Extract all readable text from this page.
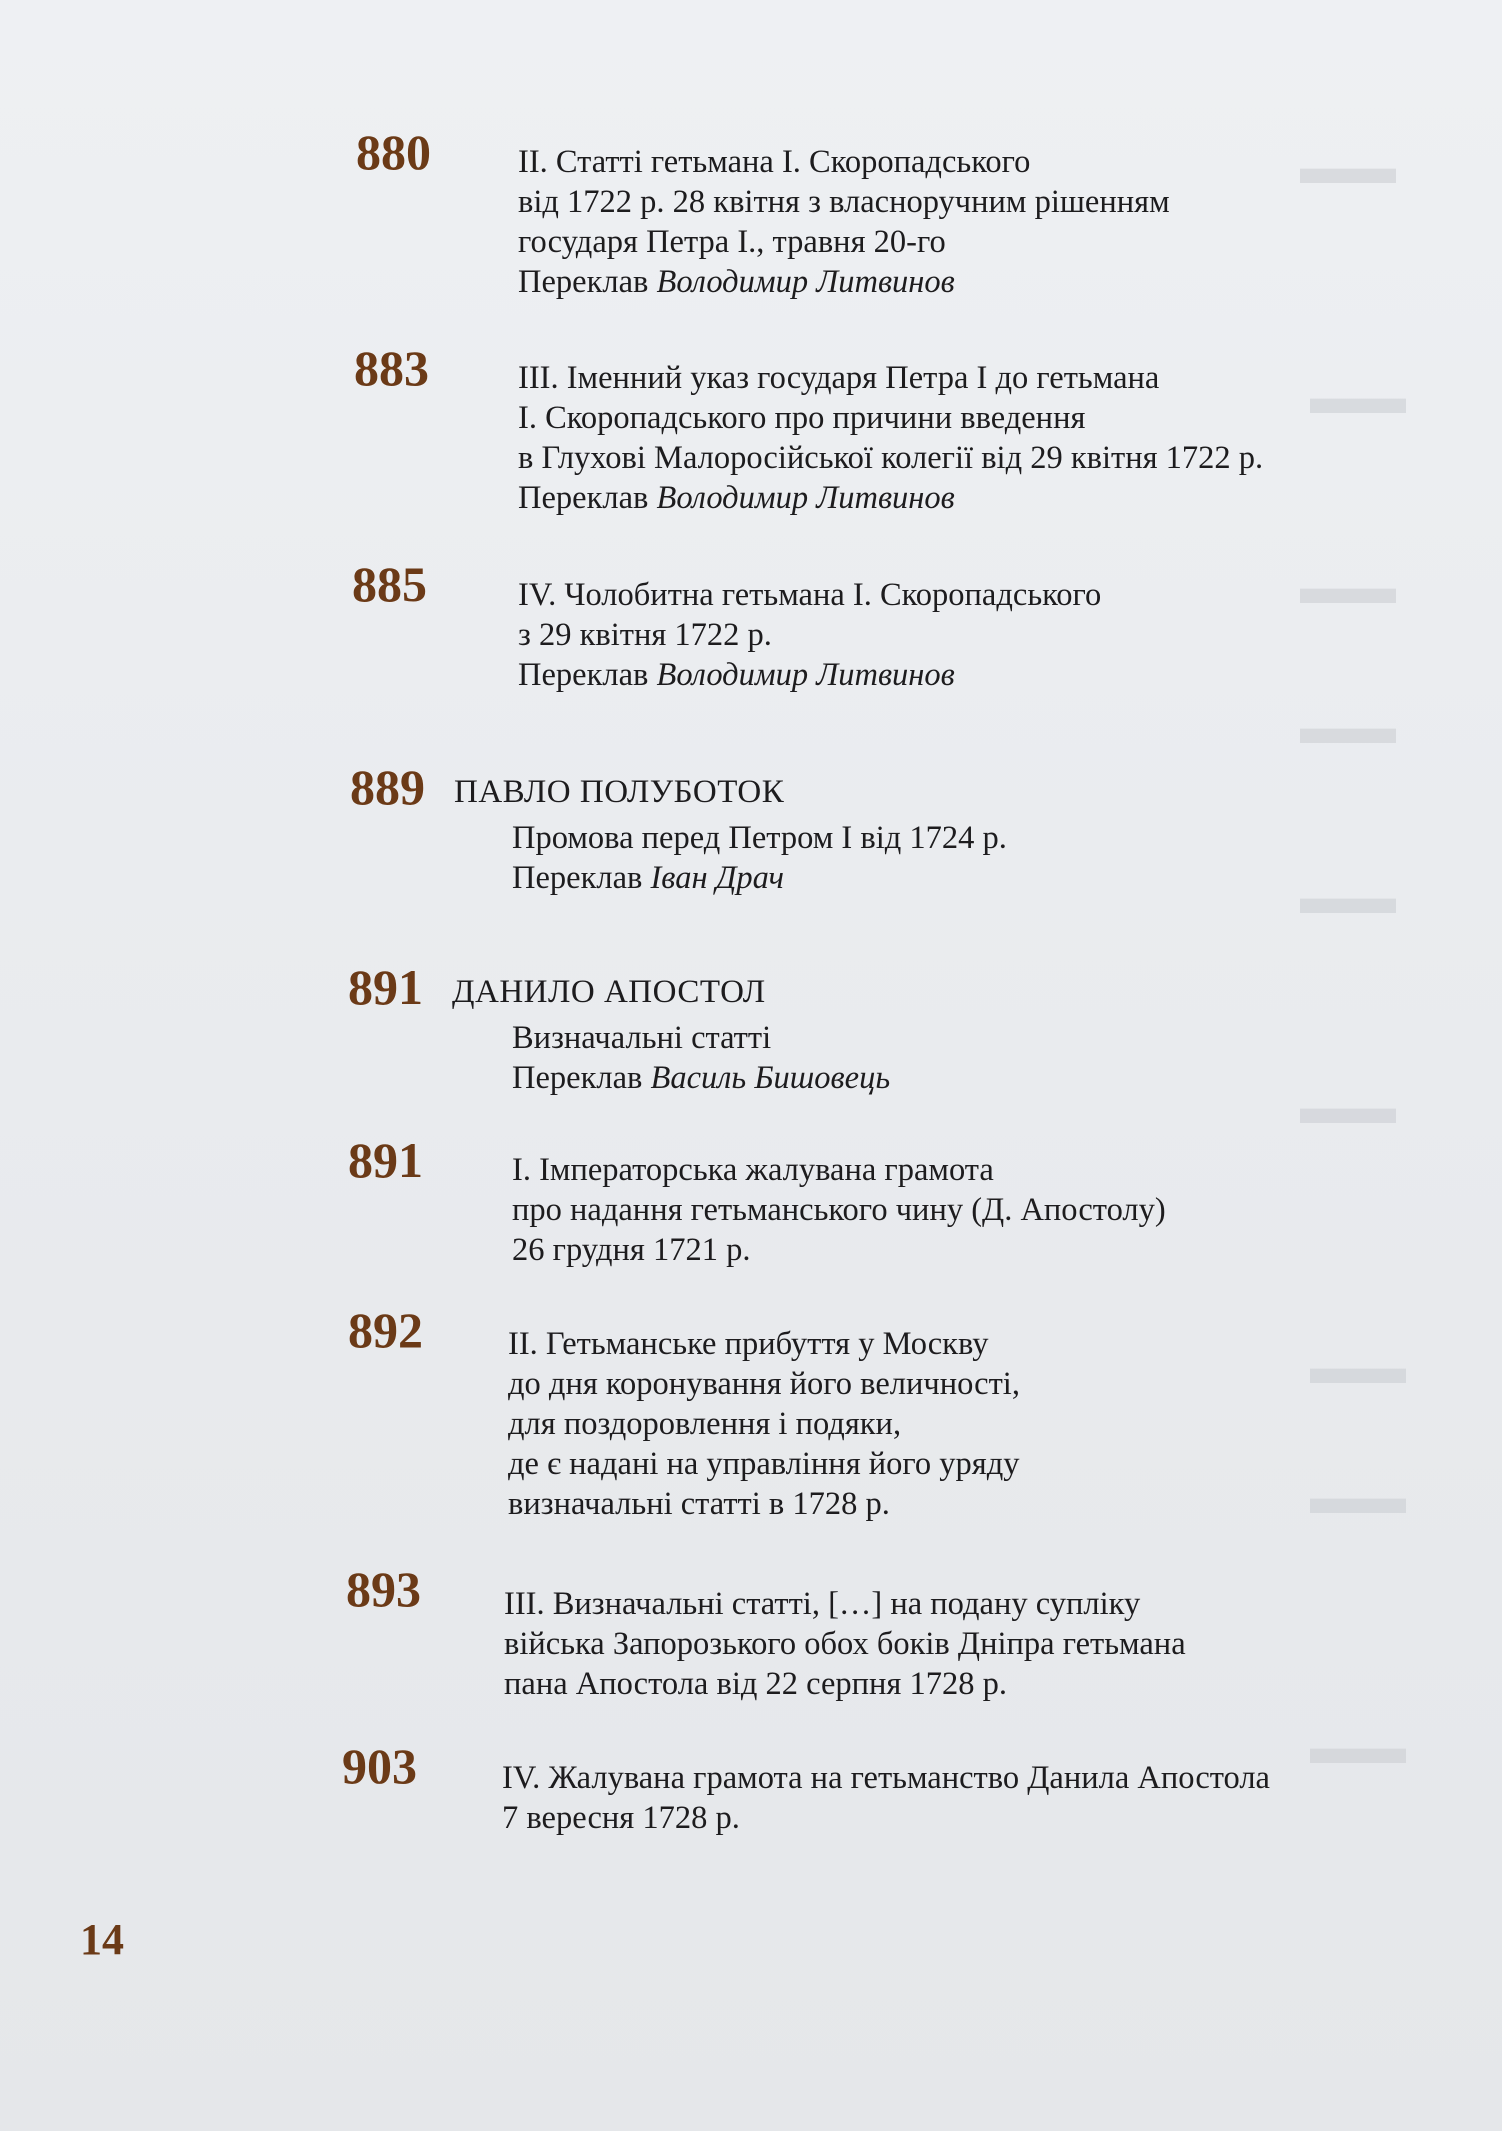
▬▬
▬▬
▬▬
▬▬
▬▬
▬▬
▬▬
▬▬
▬▬
880	ІІ. Статті гетьмана І. Скоропадського
від 1722 р. 28 квітня з власноручним рішенням
государя Петра І., травня 20-го
Переклав Володимир Литвинов
883	ІІІ. Іменний указ государя Петра І до гетьмана
І. Скоропадського про причини введення
в Глухові Малоросійської колегії від 29 квітня 1722 р.
Переклав Володимир Литвинов
885	IV. Чолобитна гетьмана І. Скоропадського
з 29 квітня 1722 р.
Переклав Володимир Литвинов
889 ПАВЛО ПОЛУБОТОК
Промова перед Петром І від 1724 р.
Переклав Іван Драч
891 ДАНИЛО АПОСТОЛ
Визначальні статті
Переклав Василь Бишовець
891	І. Імператорська жалувана грамота
про надання гетьманського чину (Д. Апостолу)
26 грудня 1721 р.
892	ІІ. Гетьманське прибуття у Москву
до дня коронування його величності,
для поздоровлення і подяки,
де є надані на управління його уряду
визначальні статті в 1728 р.
893	ІІІ. Визначальні статті, […] на подану супліку
війська Запорозького обох боків Дніпра гетьмана
пана Апостола від 22 серпня 1728 р.
903	IV. Жалувана грамота на гетьманство Данила Апостола
7 вересня 1728 р.
14
